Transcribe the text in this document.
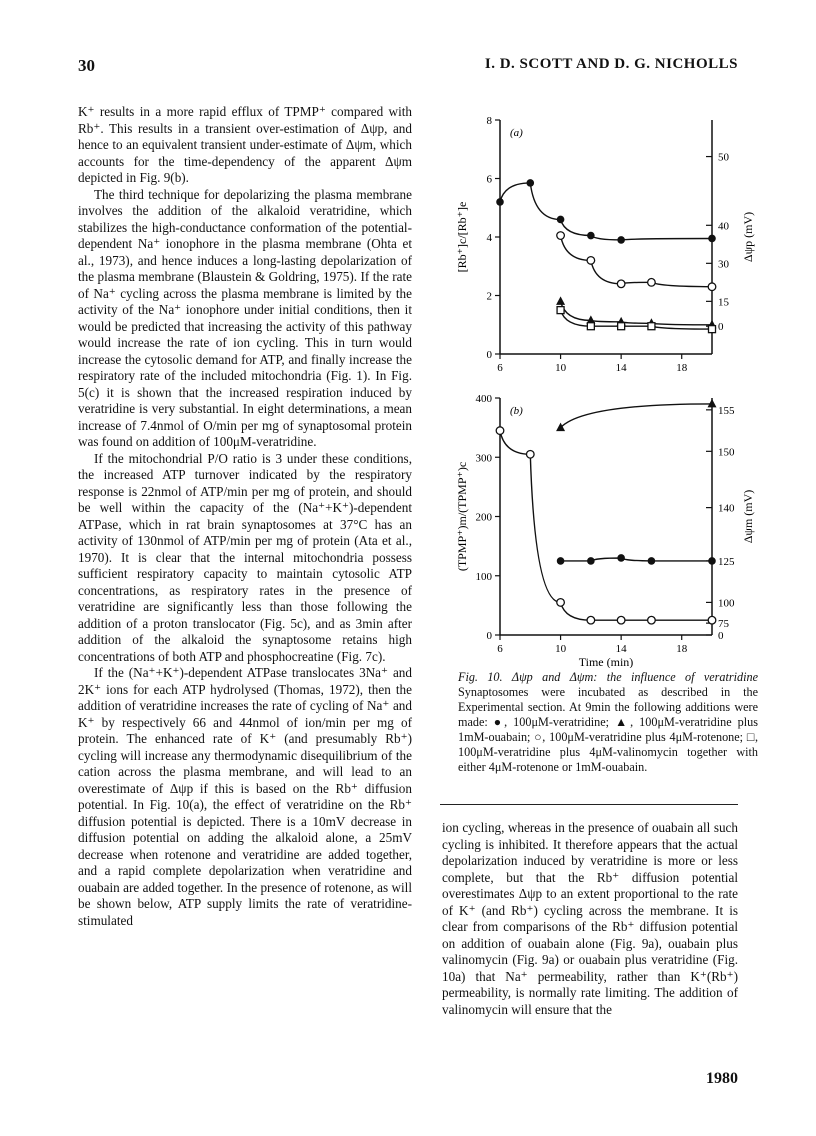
30	I. D. SCOTT AND D. G. NICHOLLS

K⁺ results in a more rapid efflux of TPMP⁺ compared with Rb⁺. This results in a transient over-estimation of Δψp, and hence to an equivalent transient under-estimate of Δψm, which accounts for the time-dependency of the apparent Δψm depicted in Fig. 9(b).

The third technique for depolarizing the plasma membrane involves the addition of the alkaloid veratridine, which stabilizes the high-conductance conformation of the potential-dependent Na⁺ ionophore in the plasma membrane (Ohta et al., 1973), and hence induces a long-lasting depolarization of the plasma membrane (Blaustein & Goldring, 1975). If the rate of Na⁺ cycling across the plasma membrane is limited by the activity of the Na⁺ ionophore under initial conditions, then it would be predicted that increasing the activity of this pathway would increase the rate of ion cycling. This in turn would increase the cytosolic demand for ATP, and finally increase the respiratory rate of the included mitochondria (Fig. 1). In Fig. 5(c) it is shown that the increased respiration induced by veratridine is very substantial. In eight determinations, a mean increase of 7.4nmol of O/min per mg of synaptosomal protein was found on addition of 100μM-veratridine.

If the mitochondrial P/O ratio is 3 under these conditions, the increased ATP turnover indicated by the respiratory response is 22nmol of ATP/min per mg of protein, and should be well within the capacity of the (Na⁺+K⁺)-dependent ATPase, which in rat brain synaptosomes at 37°C has an activity of 130nmol of ATP/min per mg of protein (Ata et al., 1970). It is clear that the internal mitochondria possess sufficient respiratory capacity to maintain cytosolic ATP concentrations, as respiratory rates in the presence of veratridine are significantly less than those following the addition of a proton translocator (Fig. 5c), and as 3min after addition of the alkaloid the synaptosome retains high concentrations of both ATP and phosphocreatine (Fig. 7c).

If the (Na⁺+K⁺)-dependent ATPase translocates 3Na⁺ and 2K⁺ ions for each ATP hydrolysed (Thomas, 1972), then the addition of veratridine increases the rate of cycling of Na⁺ and K⁺ by respectively 66 and 44nmol of ion/min per mg of protein. The enhanced rate of K⁺ (and presumably Rb⁺) cycling will increase any thermodynamic disequilibrium of the cation across the plasma membrane, and will lead to an overestimate of Δψp if this is based on the Rb⁺ diffusion potential. In Fig. 10(a), the effect of veratridine on the Rb⁺ diffusion potential is depicted. There is a 10mV decrease in diffusion potential on adding the alkaloid alone, a 25mV decrease when rotenone and veratridine are added together, and a rapid complete depolarization when veratridine and ouabain are added together. In the presence of rotenone, as will be shown below, ATP supply limits the rate of veratridine-stimulated

0
2
4
6
8
6	10	14	18
0
15
30
40
50
(a)
[Rb⁺]c/[Rb⁺]e	Δψp (mV)
0
100
200
300
400
6	10	14	18
0
75
100
125
140
150
155
(b)
(TPMP⁺)m/(TPMP⁺)c	Δψm (mV)
Time (min)

Fig. 10. Δψp and Δψm: the influence of veratridine Synaptosomes were incubated as described in the Experimental section. At 9min the following additions were made: ●, 100μM-veratridine; ▲, 100μM-veratridine plus 1mM-ouabain; ○, 100μM-veratridine plus 4μM-rotenone; □, 100μM-veratridine plus 4μM-valinomycin together with either 4μM-rotenone or 1mM-ouabain.

ion cycling, whereas in the presence of ouabain all such cycling is inhibited. It therefore appears that the actual depolarization induced by veratridine is more or less complete, but that the Rb⁺ diffusion potential overestimates Δψp to an extent proportional to the rate of K⁺ (and Rb⁺) cycling across the membrane. It is clear from comparisons of the Rb⁺ diffusion potential on addition of ouabain alone (Fig. 9a), ouabain plus valinomycin (Fig. 9a) or ouabain plus veratridine (Fig. 10a) that Na⁺ permeability, rather than K⁺(Rb⁺) permeability, is normally rate limiting. The addition of valinomycin will ensure that the

1980
